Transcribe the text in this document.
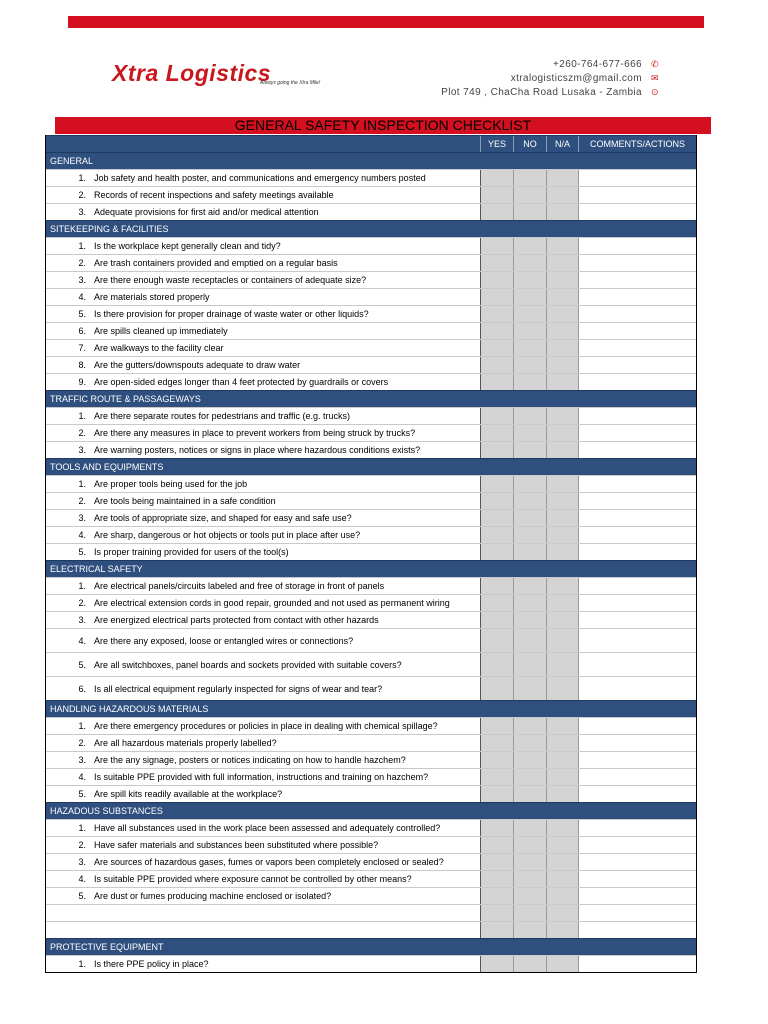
Xtra Logistics
Always going the Xtra Mile!
+260-764-677-666 ✆
xtralogisticszm@gmail.com ✉
Plot 749 , ChaCha Road Lusaka - Zambia ⊙
GENERAL SAFETY INSPECTION CHECKLIST
YES	NO	N/A	COMMENTS/ACTIONS
GENERAL
1. Job safety and health poster, and communications and emergency numbers posted
2. Records of recent inspections and safety meetings available
3. Adequate provisions for first aid and/or medical attention
SITEKEEPING & FACILITIES
1. Is the workplace kept generally clean and tidy?
2. Are trash containers provided and emptied on a regular basis
3. Are there enough waste receptacles or containers of adequate size?
4. Are materials stored properly
5. Is there provision for proper drainage of waste water or other liquids?
6. Are spills cleaned up immediately
7. Are walkways to the facility clear
8. Are the gutters/downspouts adequate to draw water
9. Are open-sided edges longer than 4 feet protected by guardrails or covers
TRAFFIC ROUTE & PASSAGEWAYS
1. Are there separate routes for pedestrians and traffic (e.g. trucks)
2. Are there any measures in place to prevent workers from being struck by trucks?
3. Are warning posters, notices or signs in place where hazardous conditions exists?
TOOLS AND EQUIPMENTS
1. Are proper tools being used for the job
2. Are tools being maintained in a safe condition
3. Are tools of appropriate size, and shaped for easy and safe use?
4. Are sharp, dangerous or hot objects or tools put in place after use?
5. Is proper training provided for users of the tool(s)
ELECTRICAL SAFETY
1. Are electrical panels/circuits labeled and free of storage in front of panels
2. Are electrical extension cords in good repair, grounded and not used as permanent wiring
3. Are energized electrical parts protected from contact with other hazards
4. Are there any exposed, loose or entangled wires or connections?
5. Are all switchboxes, panel boards and sockets provided with suitable covers?
6. Is all electrical equipment regularly inspected for signs of wear and tear?
HANDLING HAZARDOUS MATERIALS
1. Are there emergency procedures or policies in place in dealing with chemical spillage?
2. Are all hazardous materials properly labelled?
3. Are the any signage, posters or notices indicating on how to handle hazchem?
4. Is suitable PPE provided with full information, instructions and training on hazchem?
5. Are spill kits readily available at the workplace?
HAZADOUS SUBSTANCES
1. Have all substances used in the work place been assessed and adequately controlled?
2. Have safer materials and substances been substituted where possible?
3. Are sources of hazardous gases, fumes or vapors been completely enclosed or sealed?
4. Is suitable PPE provided where exposure cannot be controlled by other means?
5. Are dust or fumes producing machine enclosed or isolated?
PROTECTIVE EQUIPMENT
1. Is there PPE policy in place?
